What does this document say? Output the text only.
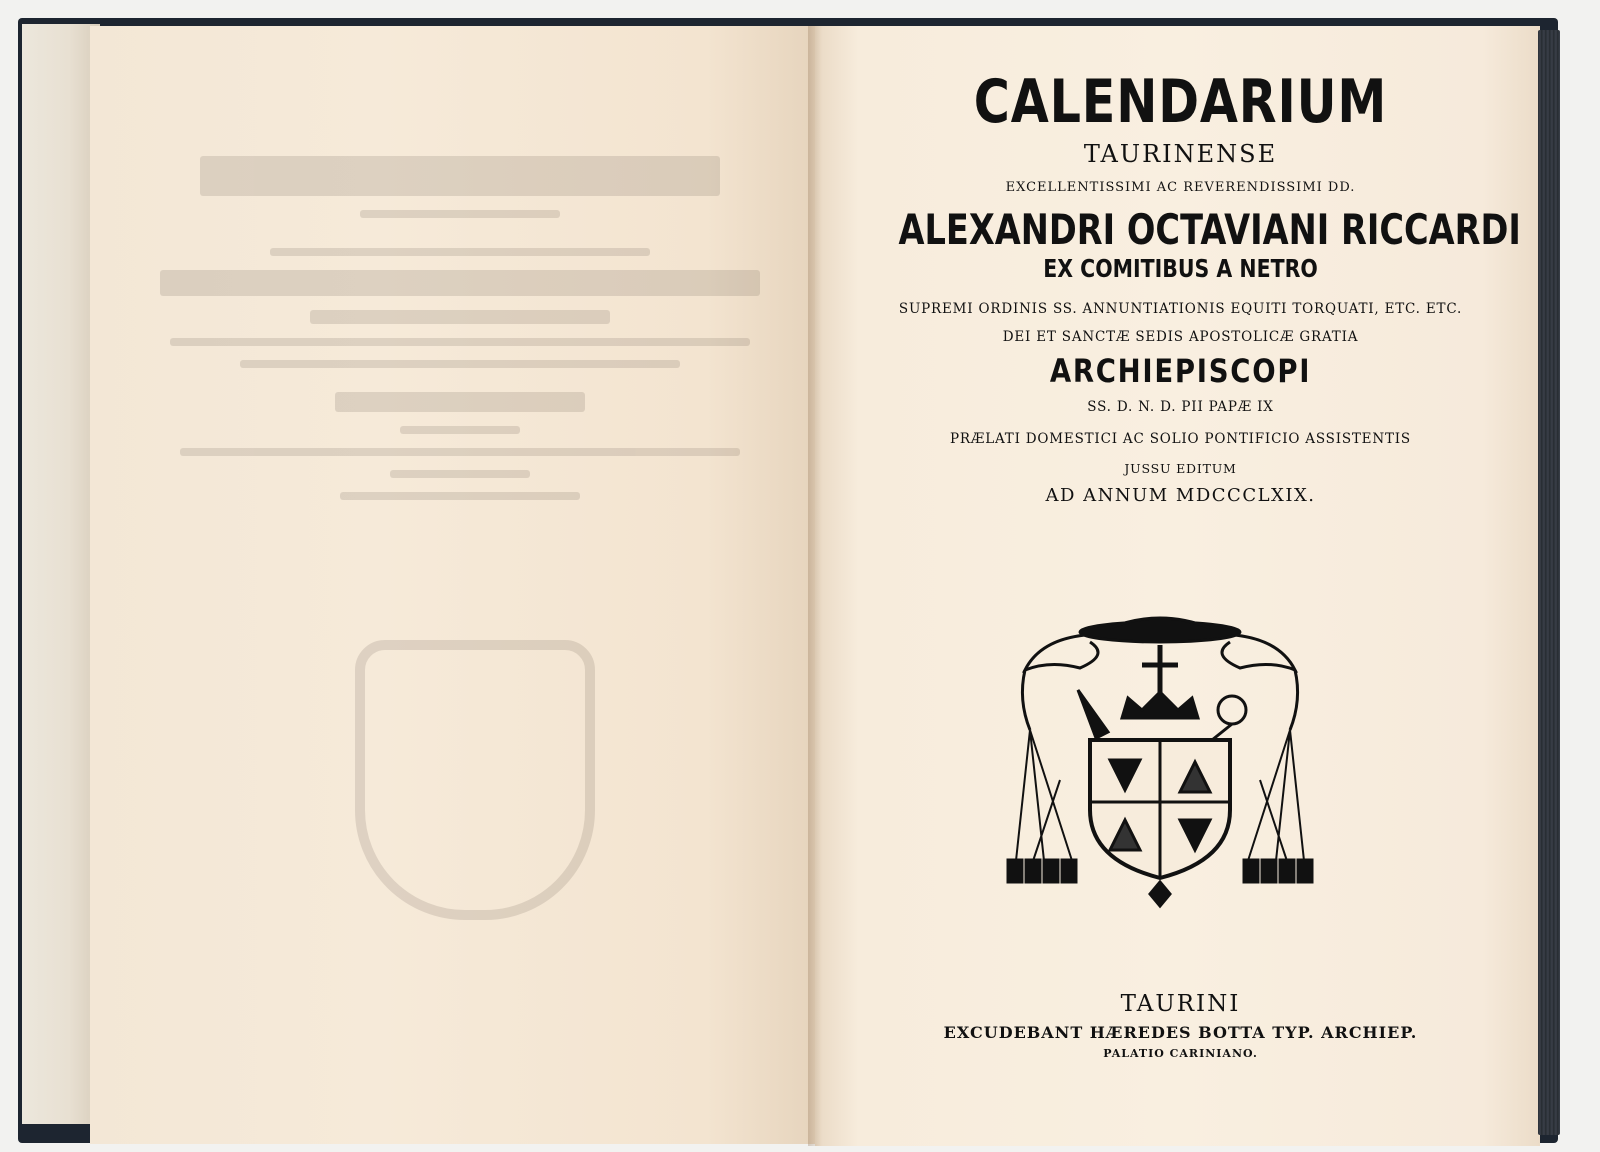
CALENDARIUM
TAURINENSE
EXCELLENTISSIMI AC REVERENDISSIMI DD.
ALEXANDRI OCTAVIANI RICCARDI
EX COMITIBUS A NETRO
SUPREMI ORDINIS SS. ANNUNTIATIONIS EQUITI TORQUATI, ETC. ETC.
DEI ET SANCTÆ SEDIS APOSTOLICÆ GRATIA
ARCHIEPISCOPI
SS. D. N. D. PII PAPÆ IX
PRÆLATI DOMESTICI AC SOLIO PONTIFICIO ASSISTENTIS
JUSSU EDITUM
AD ANNUM MDCCCLXIX.
TAURINI
EXCUDEBANT HÆREDES BOTTA TYP. ARCHIEP.
PALATIO CARINIANO.
